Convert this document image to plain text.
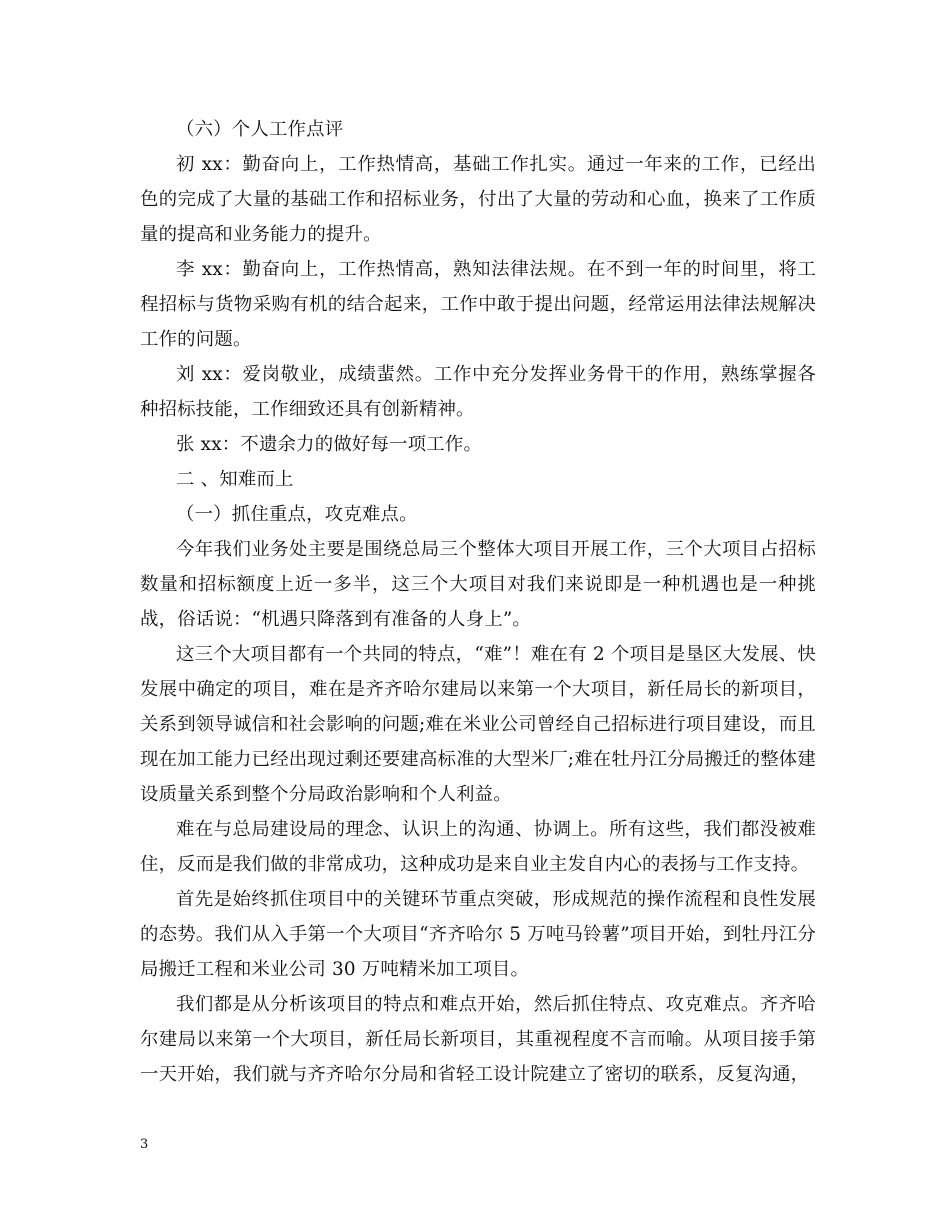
（六）个人工作点评

初 xx：勤奋向上，工作热情高，基础工作扎实。通过一年来的工作，已经出色的完成了大量的基础工作和招标业务，付出了大量的劳动和心血，换来了工作质量的提高和业务能力的提升。

李 xx：勤奋向上，工作热情高，熟知法律法规。在不到一年的时间里，将工程招标与货物采购有机的结合起来，工作中敢于提出问题，经常运用法律法规解决工作的问题。

刘 xx：爱岗敬业，成绩蜚然。工作中充分发挥业务骨干的作用，熟练掌握各种招标技能，工作细致还具有创新精神。

张 xx：不遗余力的做好每一项工作。

二 、知难而上

（一）抓住重点，攻克难点。

今年我们业务处主要是围绕总局三个整体大项目开展工作，三个大项目占招标数量和招标额度上近一多半，这三个大项目对我们来说即是一种机遇也是一种挑战，俗话说：“机遇只降落到有准备的人身上”。

这三个大项目都有一个共同的特点，“难”！难在有 2 个项目是垦区大发展、快发展中确定的项目，难在是齐齐哈尔建局以来第一个大项目，新任局长的新项目，关系到领导诚信和社会影响的问题;难在米业公司曾经自己招标进行项目建设，而且现在加工能力已经出现过剩还要建高标准的大型米厂;难在牡丹江分局搬迁的整体建设质量关系到整个分局政治影响和个人利益。

难在与总局建设局的理念、认识上的沟通、协调上。所有这些，我们都没被难住，反而是我们做的非常成功，这种成功是来自业主发自内心的表扬与工作支持。

首先是始终抓住项目中的关键环节重点突破，形成规范的操作流程和良性发展的态势。我们从入手第一个大项目“齐齐哈尔 5 万吨马铃薯”项目开始，到牡丹江分局搬迁工程和米业公司 30 万吨精米加工项目。

我们都是从分析该项目的特点和难点开始，然后抓住特点、攻克难点。齐齐哈尔建局以来第一个大项目，新任局长新项目，其重视程度不言而喻。从项目接手第一天开始，我们就与齐齐哈尔分局和省轻工设计院建立了密切的联系，反复沟通，

3
